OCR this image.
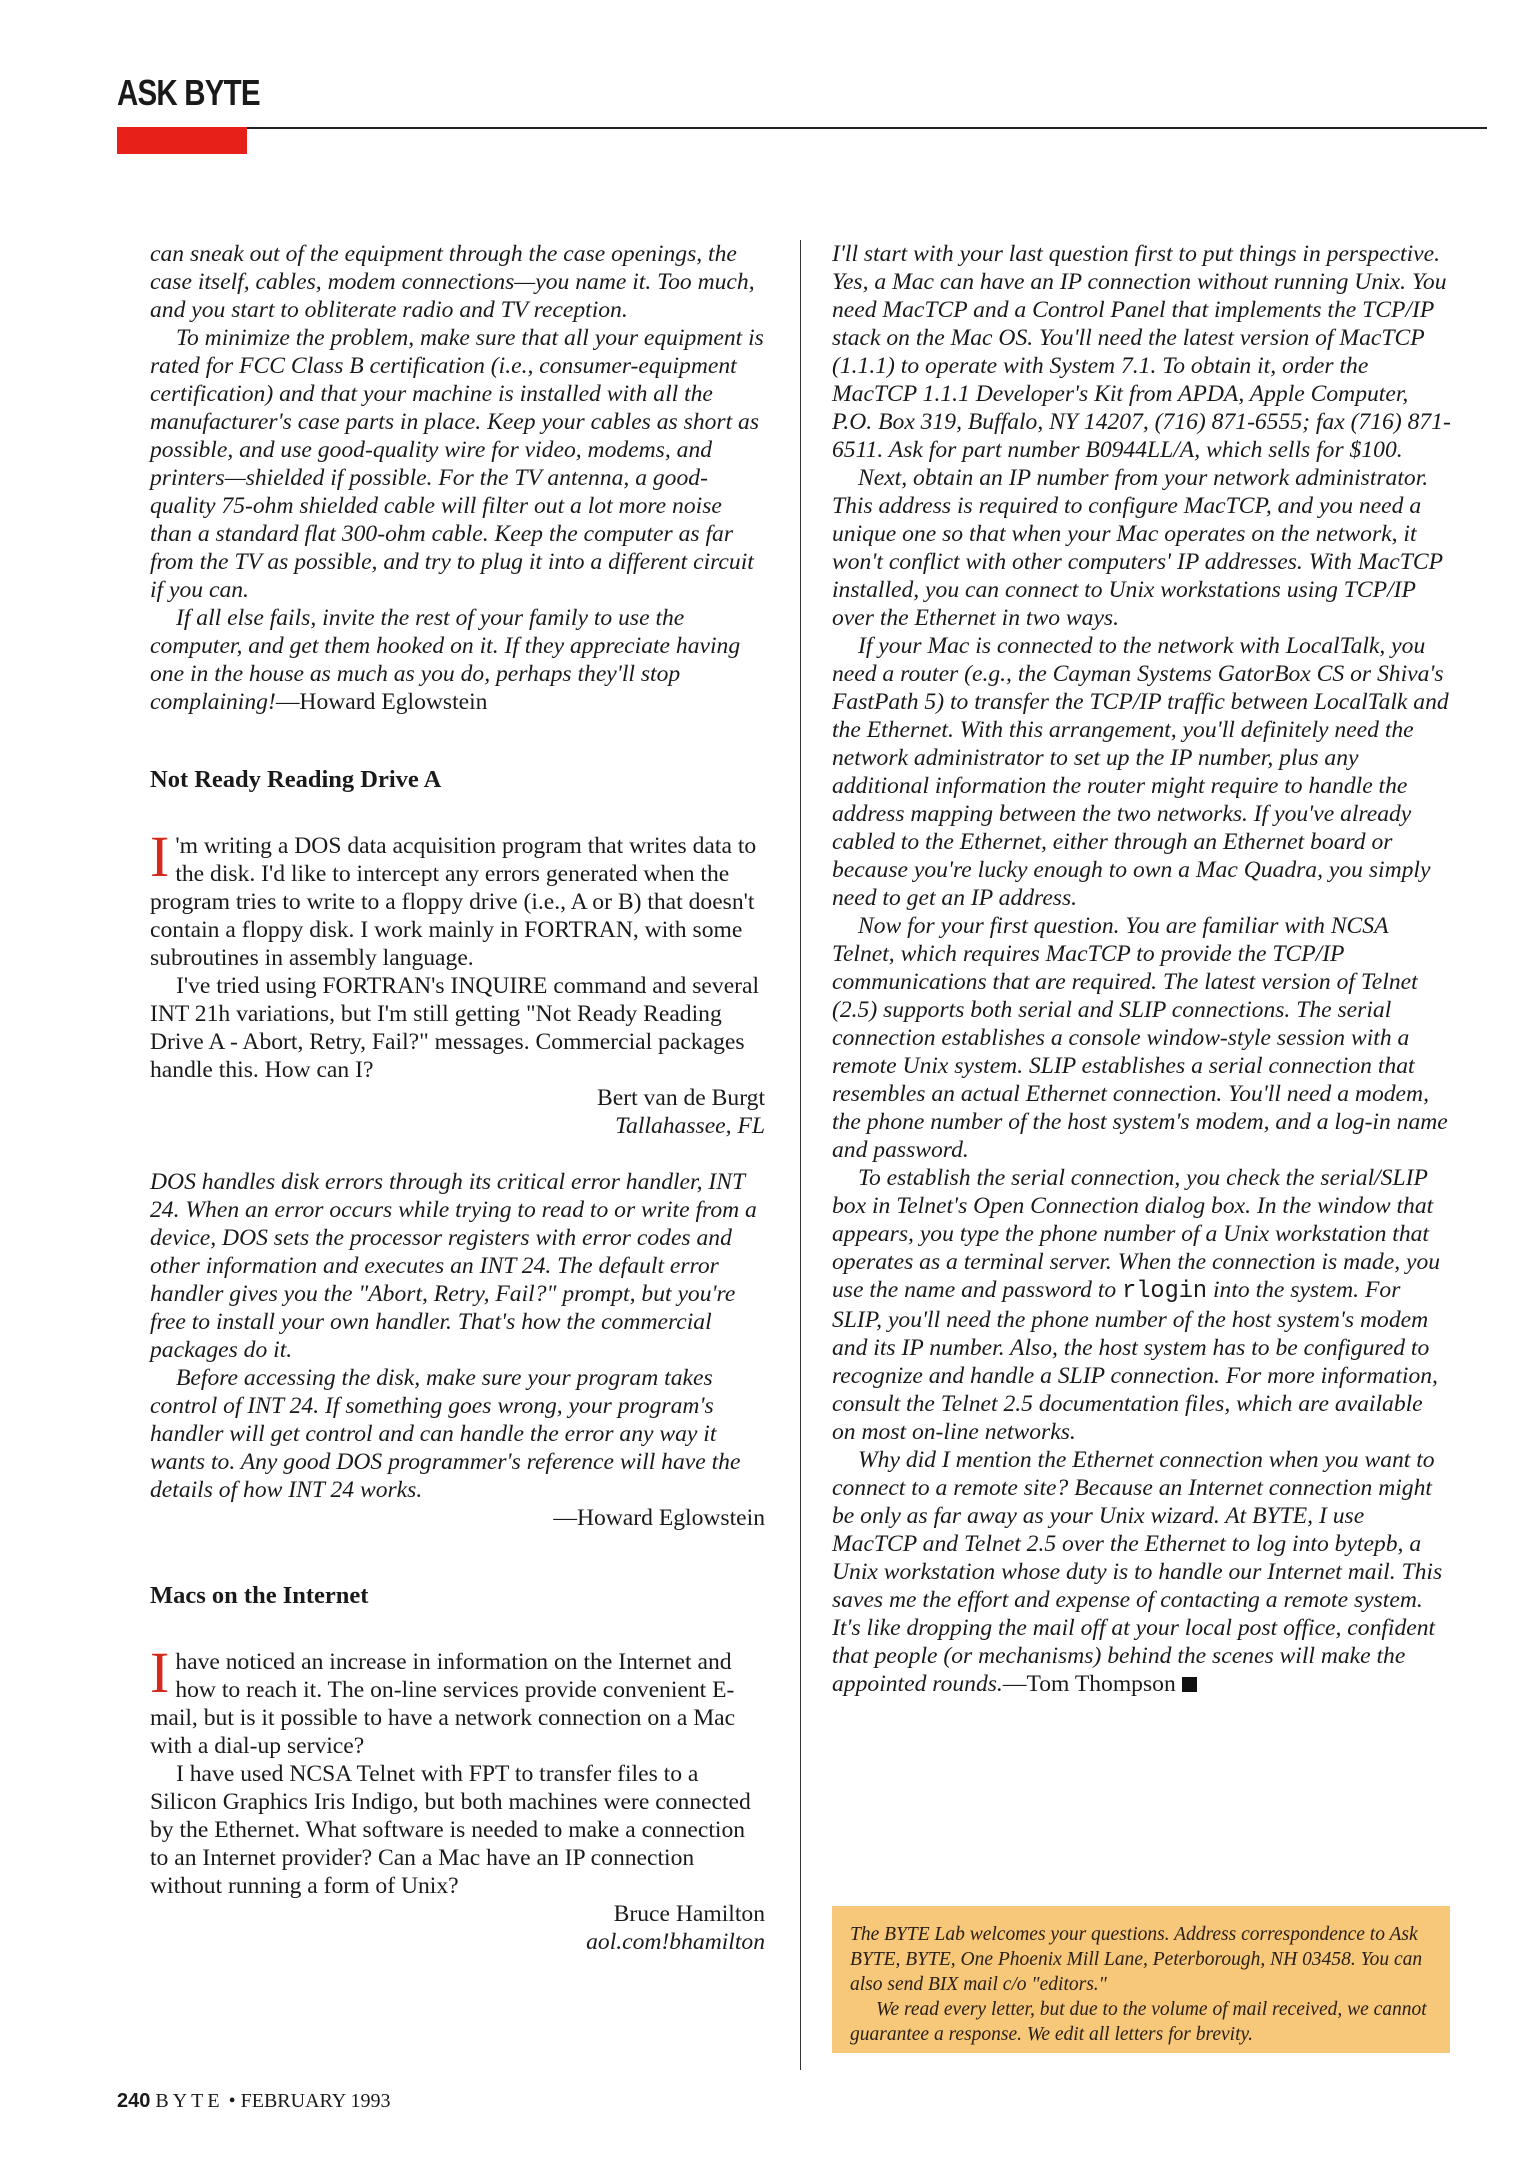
ASK BYTE

can sneak out of the equipment through the case openings, the case itself, cables, modem connections—you name it. Too much, and you start to obliterate radio and TV reception.

To minimize the problem, make sure that all your equipment is rated for FCC Class B certification (i.e., consumer-equipment certification) and that your machine is installed with all the manufacturer's case parts in place. Keep your cables as short as possible, and use good-quality wire for video, modems, and printers—shielded if possible. For the TV antenna, a good-quality 75-ohm shielded cable will filter out a lot more noise than a standard flat 300-ohm cable. Keep the computer as far from the TV as possible, and try to plug it into a different circuit if you can.

If all else fails, invite the rest of your family to use the computer, and get them hooked on it. If they appreciate having one in the house as much as you do, perhaps they'll stop complaining!—Howard Eglowstein

Not Ready Reading Drive A

I 'm writing a DOS data acquisition program that writes data to the disk. I'd like to intercept any errors generated when the program tries to write to a floppy drive (i.e., A or B) that doesn't contain a floppy disk. I work mainly in FORTRAN, with some subroutines in assembly language.

I've tried using FORTRAN's INQUIRE command and several INT 21h variations, but I'm still getting "Not Ready Reading Drive A - Abort, Retry, Fail?" messages. Commercial packages handle this. How can I?

Bert van de Burgt

Tallahassee, FL

DOS handles disk errors through its critical error handler, INT 24. When an error occurs while trying to read to or write from a device, DOS sets the processor registers with error codes and other information and executes an INT 24. The default error handler gives you the "Abort, Retry, Fail?" prompt, but you're free to install your own handler. That's how the commercial packages do it.

Before accessing the disk, make sure your program takes control of INT 24. If something goes wrong, your program's handler will get control and can handle the error any way it wants to. Any good DOS programmer's reference will have the details of how INT 24 works.

—Howard Eglowstein

Macs on the Internet

I have noticed an increase in information on the Internet and how to reach it. The on-line services provide convenient E-mail, but is it possible to have a network connection on a Mac with a dial-up service?

I have used NCSA Telnet with FPT to transfer files to a Silicon Graphics Iris Indigo, but both machines were connected by the Ethernet. What software is needed to make a connection to an Internet provider? Can a Mac have an IP connection without running a form of Unix?

Bruce Hamilton

aol.com!bhamilton

I'll start with your last question first to put things in perspective. Yes, a Mac can have an IP connection without running Unix. You need MacTCP and a Control Panel that implements the TCP/IP stack on the Mac OS. You'll need the latest version of MacTCP (1.1.1) to operate with System 7.1. To obtain it, order the MacTCP 1.1.1 Developer's Kit from APDA, Apple Computer, P.O. Box 319, Buffalo, NY 14207, (716) 871-6555; fax (716) 871-6511. Ask for part number B0944LL/A, which sells for $100.

Next, obtain an IP number from your network administrator. This address is required to configure MacTCP, and you need a unique one so that when your Mac operates on the network, it won't conflict with other computers' IP addresses. With MacTCP installed, you can connect to Unix workstations using TCP/IP over the Ethernet in two ways.

If your Mac is connected to the network with LocalTalk, you need a router (e.g., the Cayman Systems GatorBox CS or Shiva's FastPath 5) to transfer the TCP/IP traffic between LocalTalk and the Ethernet. With this arrangement, you'll definitely need the network administrator to set up the IP number, plus any additional information the router might require to handle the address mapping between the two networks. If you've already cabled to the Ethernet, either through an Ethernet board or because you're lucky enough to own a Mac Quadra, you simply need to get an IP address.

Now for your first question. You are familiar with NCSA Telnet, which requires MacTCP to provide the TCP/IP communications that are required. The latest version of Telnet (2.5) supports both serial and SLIP connections. The serial connection establishes a console window-style session with a remote Unix system. SLIP establishes a serial connection that resembles an actual Ethernet connection. You'll need a modem, the phone number of the host system's modem, and a log-in name and password.

To establish the serial connection, you check the serial/SLIP box in Telnet's Open Connection dialog box. In the window that appears, you type the phone number of a Unix workstation that operates as a terminal server. When the connection is made, you use the name and password to rlogin into the system. For SLIP, you'll need the phone number of the host system's modem and its IP number. Also, the host system has to be configured to recognize and handle a SLIP connection. For more information, consult the Telnet 2.5 documentation files, which are available on most on-line networks.

Why did I mention the Ethernet connection when you want to connect to a remote site? Because an Internet connection might be only as far away as your Unix wizard. At BYTE, I use MacTCP and Telnet 2.5 over the Ethernet to log into bytepb, a Unix workstation whose duty is to handle our Internet mail. This saves me the effort and expense of contacting a remote system. It's like dropping the mail off at your local post office, confident that people (or mechanisms) behind the scenes will make the appointed rounds.—Tom Thompson

The BYTE Lab welcomes your questions. Address correspondence to Ask BYTE, BYTE, One Phoenix Mill Lane, Peterborough, NH 03458. You can also send BIX mail c/o "editors."

We read every letter, but due to the volume of mail received, we cannot guarantee a response. We edit all letters for brevity.

240 BYTE • FEBRUARY 1993
